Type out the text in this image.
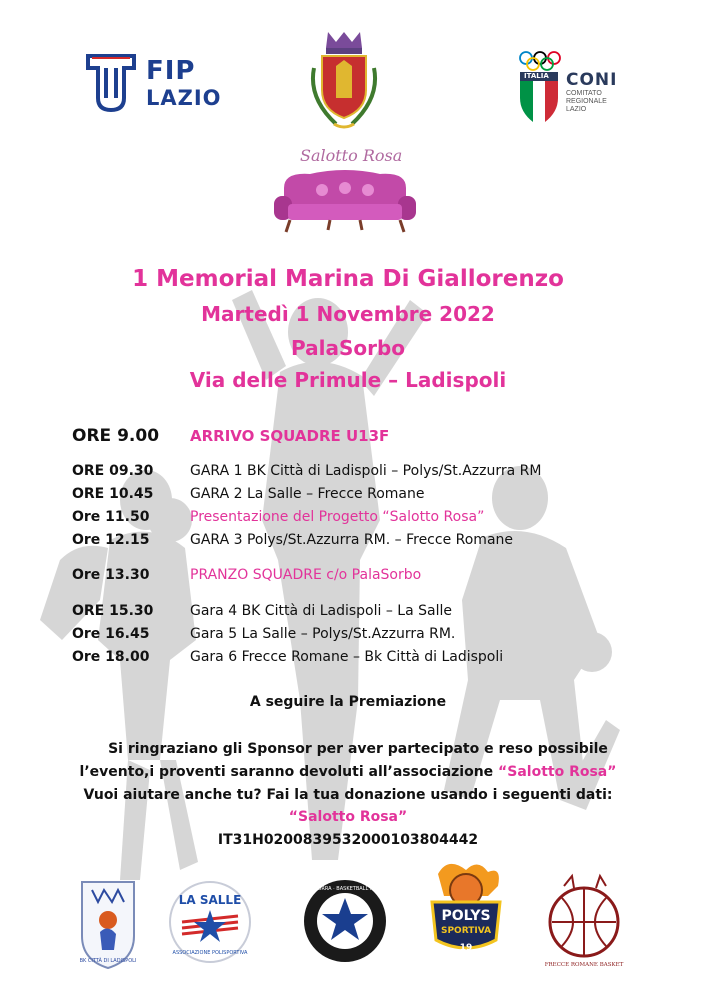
FIP
LAZIO
ITALIA CONI
COMITATO
REGIONALE
LAZIO
Salotto Rosa
1 Memorial Marina Di Giallorenzo
Martedì 1 Novembre 2022
PalaSorbo
Via delle Primule – Ladispoli
ORE 9.00 ARRIVO SQUADRE U13F
ORE 09.30	GARA 1 BK Città di Ladispoli – Polys/St.Azzurra RM
ORE 10.45	GARA 2 La Salle – Frecce Romane
Ore 11.50	Presentazione del Progetto “Salotto Rosa”
Ore 12.15	GARA 3 Polys/St.Azzurra RM. – Frecce Romane
Ore 13.30	PRANZO SQUADRE c/o PalaSorbo
ORE 15.30	Gara 4 BK Città di Ladispoli – La Salle
Ore 16.45	Gara 5 La Salle – Polys/St.Azzurra RM.
Ore 18.00	Gara 6 Frecce Romane – Bk Città di Ladispoli
A seguire la Premiazione
Si ringraziano gli Sponsor per aver partecipato e reso possibile
l’evento,i proventi saranno devoluti all’associazione “Salotto Rosa”
Vuoi aiutare anche tu? Fai la tua donazione usando i seguenti dati:
“Salotto Rosa”
IT31H0200839532000103804442
BK CITTÀ DI LADISPOLI
LA SALLE
ASSOCIAZIONE POLISPORTIVA
STELLAZZURRA · BASKETBALL ACADEMY ·
POLYS
SPORTIVA
19
FRECCE ROMANE BASKET
